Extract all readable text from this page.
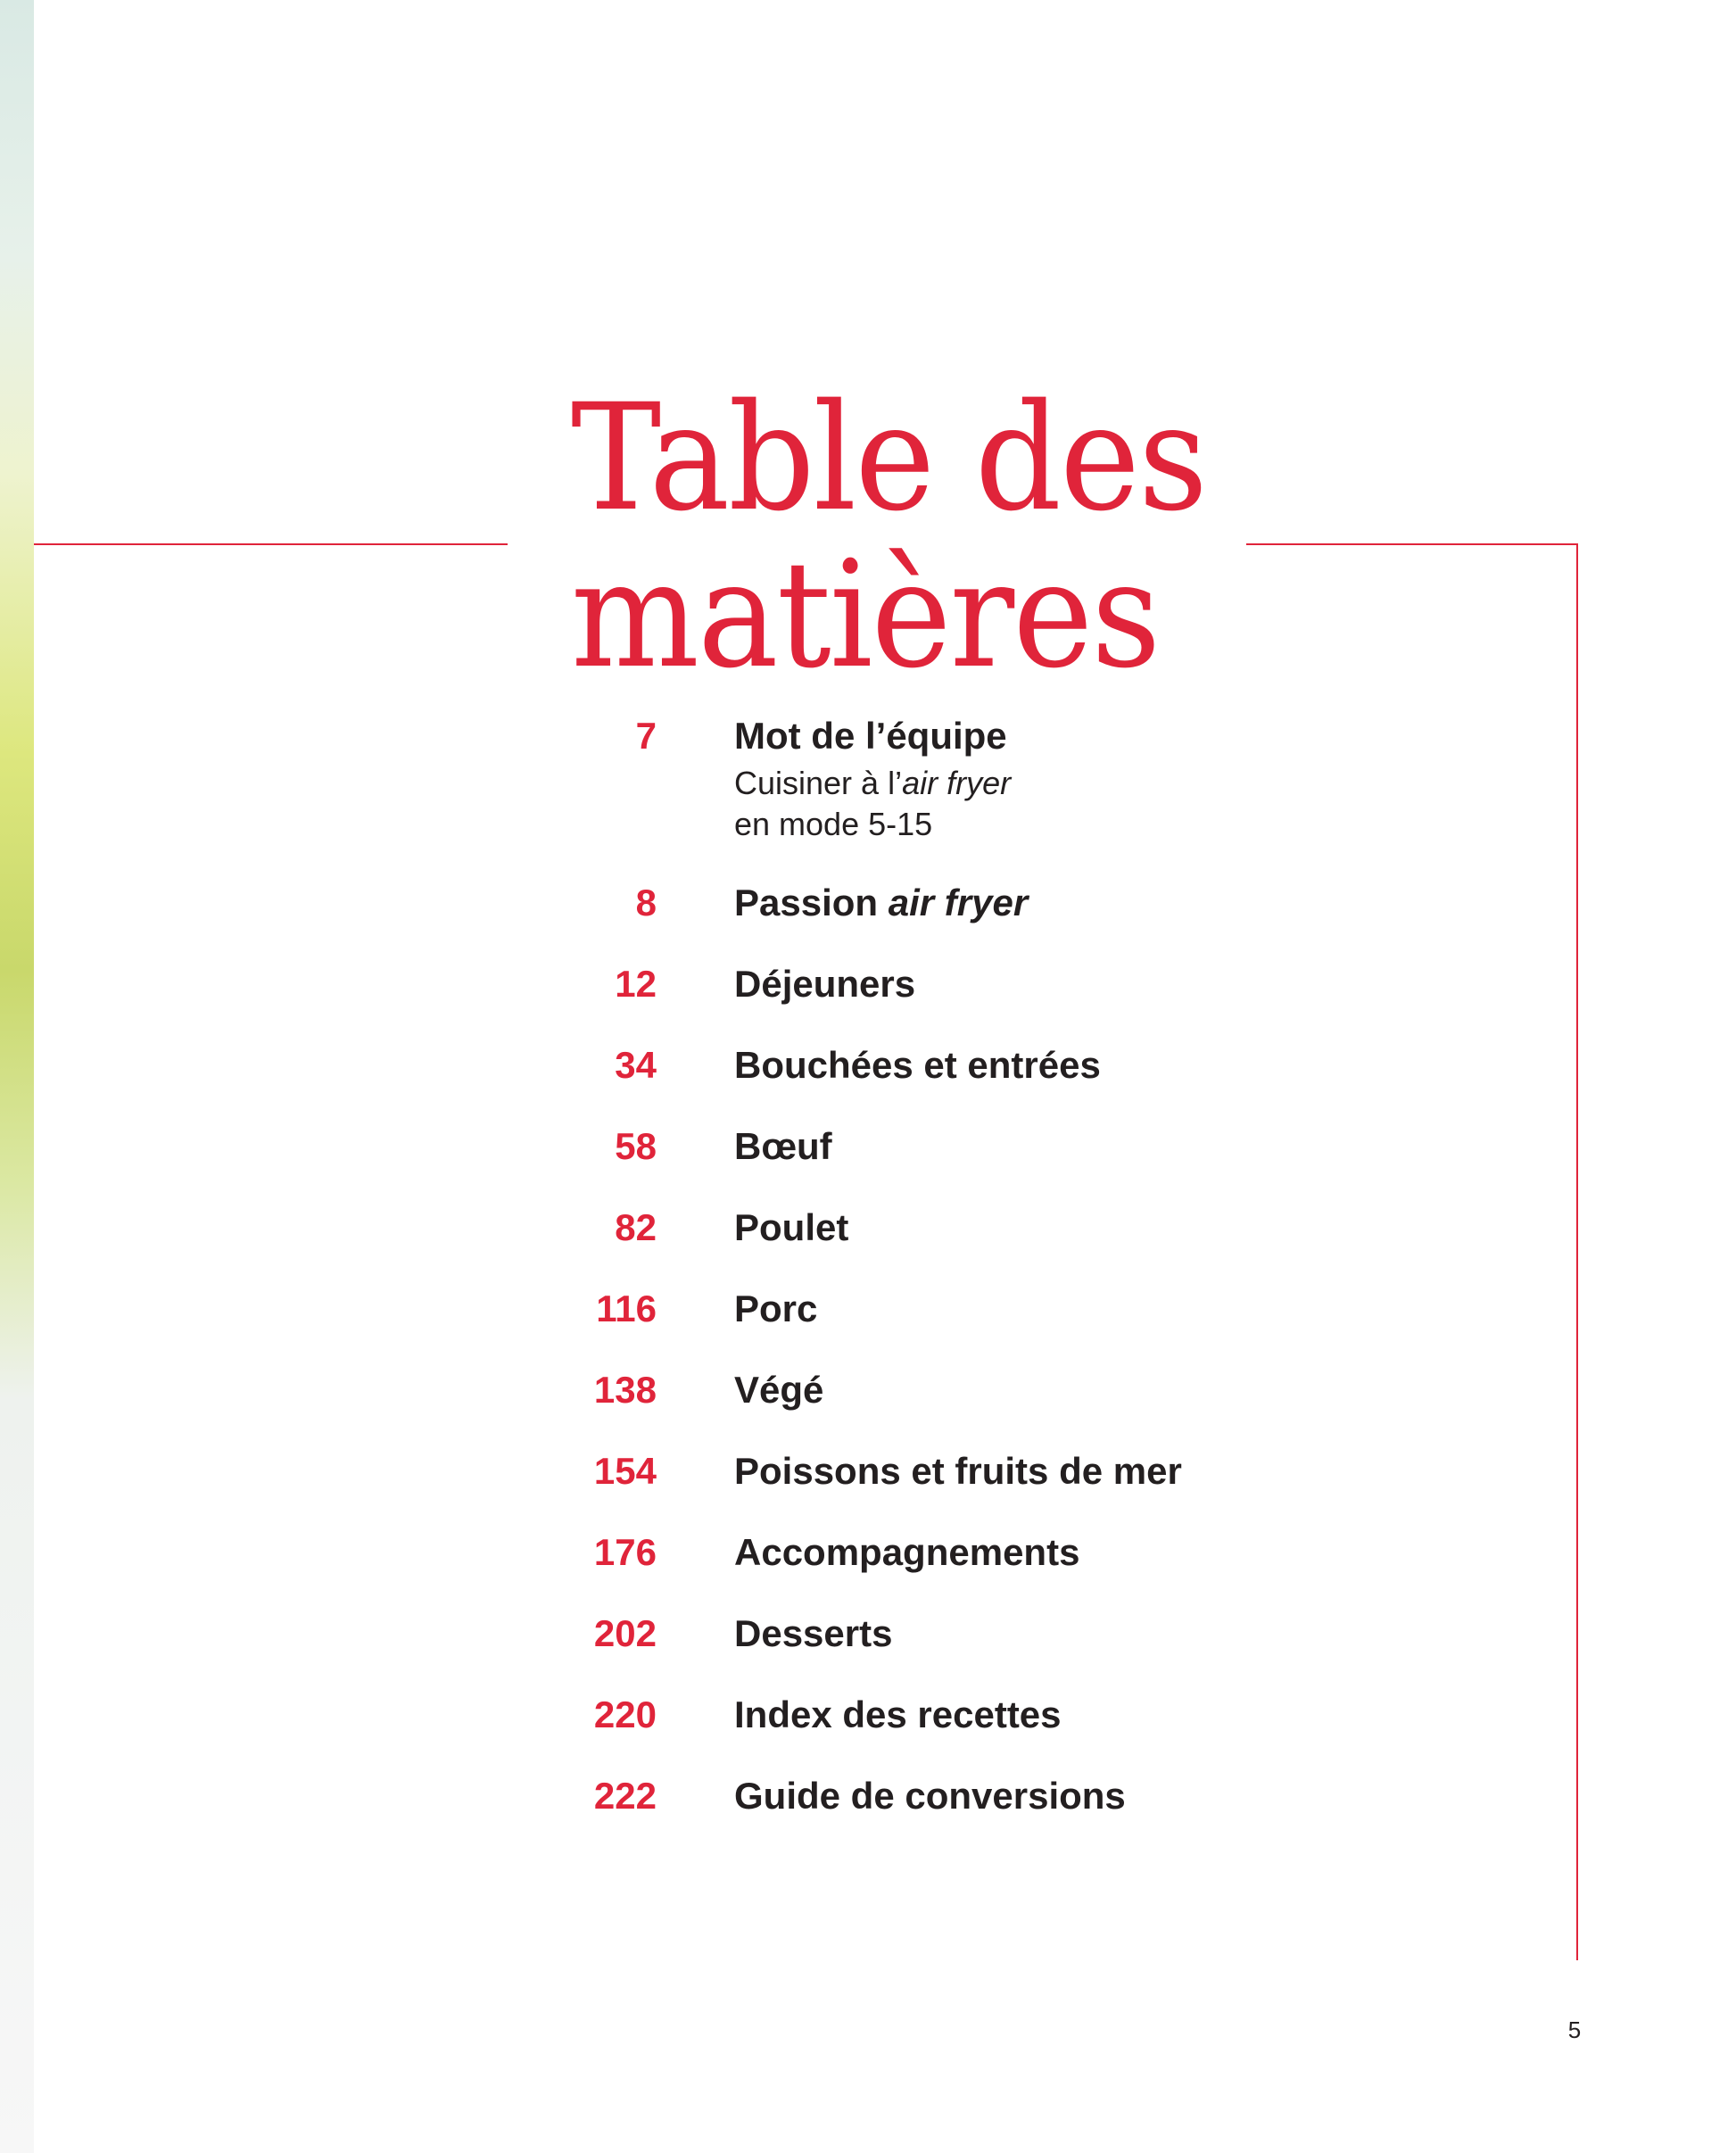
Table des
matières
7 Mot de l’équipe
Cuisiner à l’air fryer
en mode 5-15
8 Passion air fryer
12 Déjeuners
34 Bouchées et entrées
58 Bœuf
82 Poulet
116 Porc
138 Végé
154 Poissons et fruits de mer
176 Accompagnements
202 Desserts
220 Index des recettes
222 Guide de conversions
5
